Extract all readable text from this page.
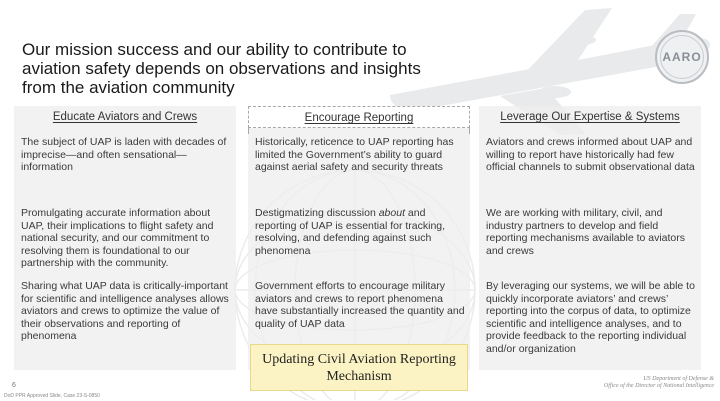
Our mission success and our ability to contribute to aviation safety depends on observations and insights from the aviation community
AARO
Educate Aviators and Crews
The subject of UAP is laden with decades of imprecise—and often sensational—information
Promulgating accurate information about UAP, their implications to flight safety and national security, and our commitment to resolving them is foundational to our partnership with the community.
Sharing what UAP data is critically-important for scientific and intelligence analyses allows aviators and crews to optimize the value of their observations and reporting of phenomena
Encourage Reporting
Historically, reticence to UAP reporting has limited the Government’s ability to guard against aerial safety and security threats
Destigmatizing discussion about and reporting of UAP is essential for tracking, resolving, and defending against such phenomena
Government efforts to encourage military aviators and crews to report phenomena have substantially increased the quantity and quality of UAP data
Leverage Our Expertise & Systems
Aviators and crews informed about UAP and willing to report have historically had few official channels to submit observational data
We are working with military, civil, and industry partners to develop and field reporting mechanisms available to aviators and crews
By leveraging our systems, we will be able to quickly incorporate aviators’ and crews’ reporting into the corpus of data, to optimize scientific and intelligence analyses, and to provide feedback to the reporting individual and/or organization
Updating Civil Aviation Reporting Mechanism
6
DoD PPR Approved Slide, Case 23-S-0850
US Department of Defense &
Office of the Director of National Intelligence
